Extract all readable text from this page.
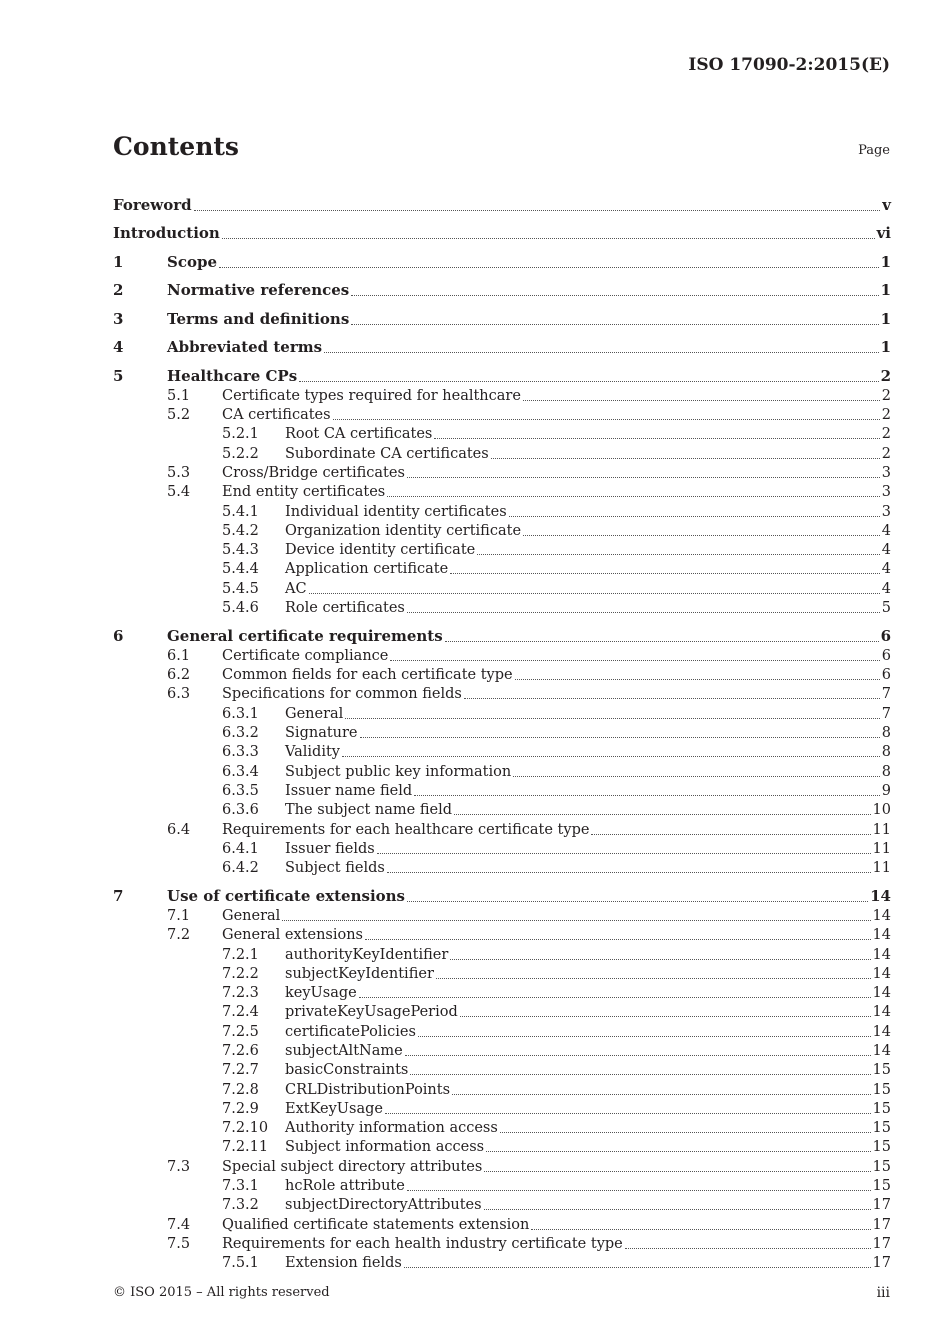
ISO 17090-2:2015(E)
Contents	Page
Foreword	v
Introduction	vi
1	Scope	1
2	Normative references	1
3	Terms and definitions	1
4	Abbreviated terms	1
5	Healthcare CPs	2
5.1	Certificate types required for healthcare	2
5.2	CA certificates	2
5.2.1	Root CA certificates	2
5.2.2	Subordinate CA certificates	2
5.3	Cross/Bridge certificates	3
5.4	End entity certificates	3
5.4.1	Individual identity certificates	3
5.4.2	Organization identity certificate	4
5.4.3	Device identity certificate	4
5.4.4	Application certificate	4
5.4.5	AC	4
5.4.6	Role certificates	5
6	General certificate requirements	6
6.1	Certificate compliance	6
6.2	Common fields for each certificate type	6
6.3	Specifications for common fields	7
6.3.1	General	7
6.3.2	Signature	8
6.3.3	Validity	8
6.3.4	Subject public key information	8
6.3.5	Issuer name field	9
6.3.6	The subject name field	10
6.4	Requirements for each healthcare certificate type	11
6.4.1	Issuer fields	11
6.4.2	Subject fields	11
7	Use of certificate extensions	14
7.1	General	14
7.2	General extensions	14
7.2.1	authorityKeyIdentifier	14
7.2.2	subjectKeyIdentifier	14
7.2.3	keyUsage	14
7.2.4	privateKeyUsagePeriod	14
7.2.5	certificatePolicies	14
7.2.6	subjectAltName	14
7.2.7	basicConstraints	15
7.2.8	CRLDistributionPoints	15
7.2.9	ExtKeyUsage	15
7.2.10	Authority information access	15
7.2.11	Subject information access	15
7.3	Special subject directory attributes	15
7.3.1	hcRole attribute	15
7.3.2	subjectDirectoryAttributes	17
7.4	Qualified certificate statements extension	17
7.5	Requirements for each health industry certificate type	17
7.5.1	Extension fields	17
© ISO 2015 – All rights reserved	iii
